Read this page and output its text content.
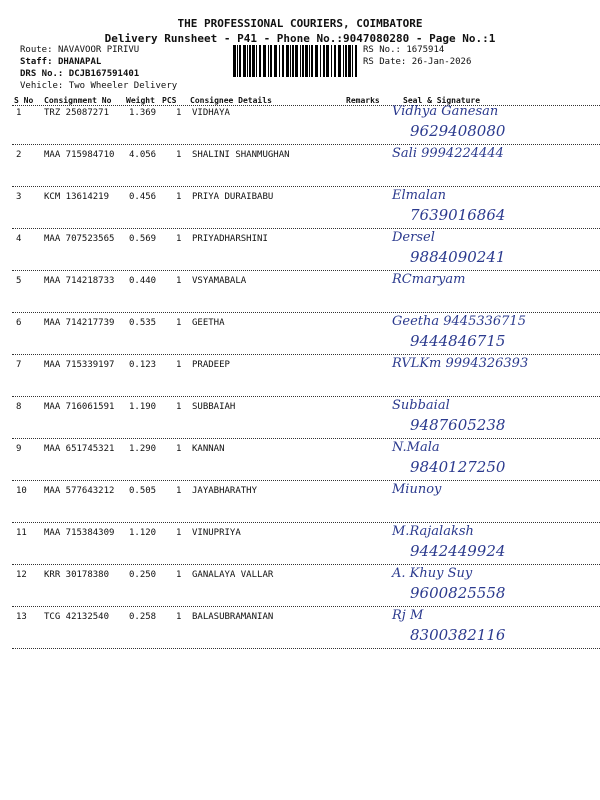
THE PROFESSIONAL COURIERS, COIMBATORE
Delivery Runsheet - P41 - Phone No.:9047080280 - Page No.:1
Route: NAVAVOOR PIRIVU
Staff: DHANAPAL
DRS No.: DCJB167591401
Vehicle: Two Wheeler Delivery
RS No.: 1675914
RS Date: 26-Jan-2026
S No Consignment No Weight PCS Consignee Details	Remarks	Seal & Signature
1	TRZ 25087271 1.369 1 VIDHAYA	Vidhya Ganesan
9629408080
2	MAA 715984710 4.056 1 SHALINI SHANMUGHAN	Sali 9994224444
3	KCM 13614219 0.456 1 PRIYA DURAIBABU	Elmalan
7639016864
4	MAA 707523565 0.569 1 PRIYADHARSHINI	Dersel
9884090241
5	MAA 714218733 0.440 1 VSYAMABALA	RCmaryam
6	MAA 714217739 0.535 1 GEETHA	Geetha 9445336715
9444846715
7	MAA 715339197 0.123 1 PRADEEP	RVLKm 9994326393
8	MAA 716061591 1.190 1 SUBBAIAH	Subbaial
9487605238
9	MAA 651745321 1.290 1 KANNAN	N.Mala
9840127250
10 MAA 577643212 0.505 1 JAYABHARATHY	Miunoy
11 MAA 715384309 1.120 1 VINUPRIYA	M.Rajalaksh
9442449924
12 KRR 30178380 0.250 1 GANALAYA VALLAR	A. Khuy Suy
9600825558
13 TCG 42132540 0.258 1 BALASUBRAMANIAN	Rj M
8300382116
